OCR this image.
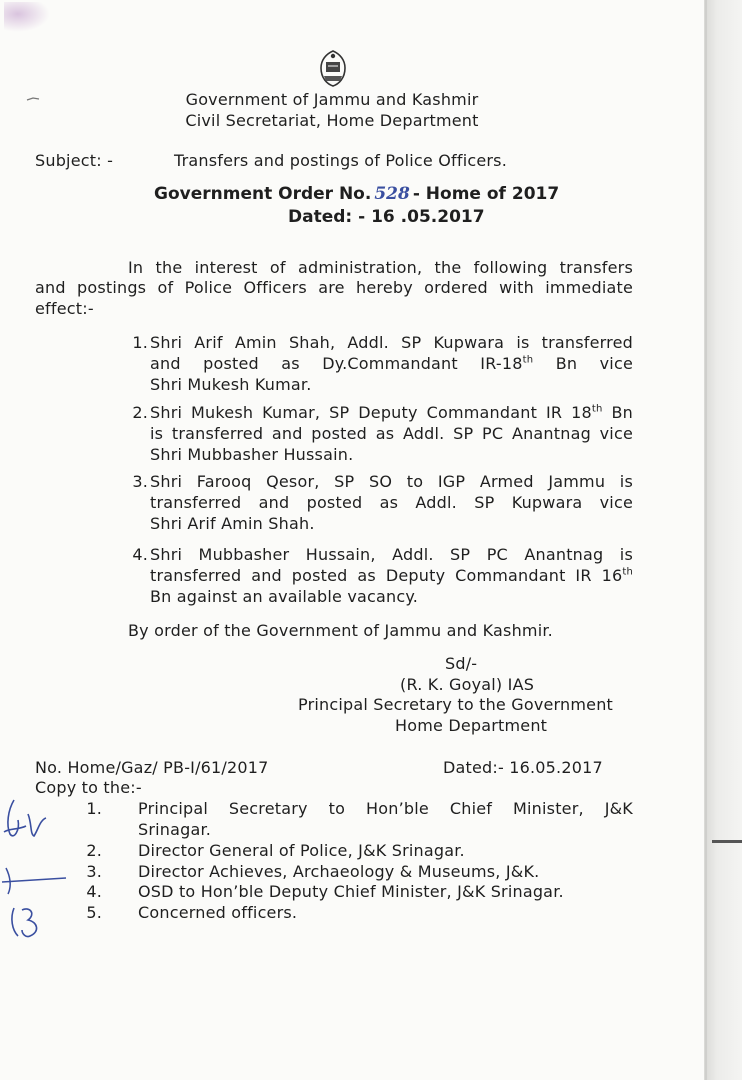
Government of Jammu and Kashmir
Civil Secretariat, Home Department
Subject: -	Transfers and postings of Police Officers.
Government Order No. 528 - Home of 2017
Dated: - 16 .05.2017
In the interest of administration, the following transfers
and postings of Police Officers are hereby ordered with immediate
effect:-
1. Shri Arif Amin Shah, Addl. SP Kupwara is transferred
and posted as Dy.Commandant IR-18th Bn vice
Shri Mukesh Kumar.
2. Shri Mukesh Kumar, SP Deputy Commandant IR 18th Bn
is transferred and posted as Addl. SP PC Anantnag vice
Shri Mubbasher Hussain.
3. Shri Farooq Qesor, SP SO to IGP Armed Jammu is
transferred and posted as Addl. SP Kupwara vice
Shri Arif Amin Shah.
4. Shri Mubbasher Hussain, Addl. SP PC Anantnag is
transferred and posted as Deputy Commandant IR 16th
Bn against an available vacancy.
By order of the Government of Jammu and Kashmir.
Sd/-
(R. K. Goyal) IAS
Principal Secretary to the Government
Home Department
No. Home/Gaz/ PB-I/61/2017	Dated:- 16.05.2017
Copy to the:-
1. Principal Secretary to Hon’ble Chief Minister, J&K
Srinagar.
2. Director General of Police, J&K Srinagar.
3. Director Achieves, Archaeology & Museums, J&K.
4. OSD to Hon’ble Deputy Chief Minister, J&K Srinagar.
5. Concerned officers.
